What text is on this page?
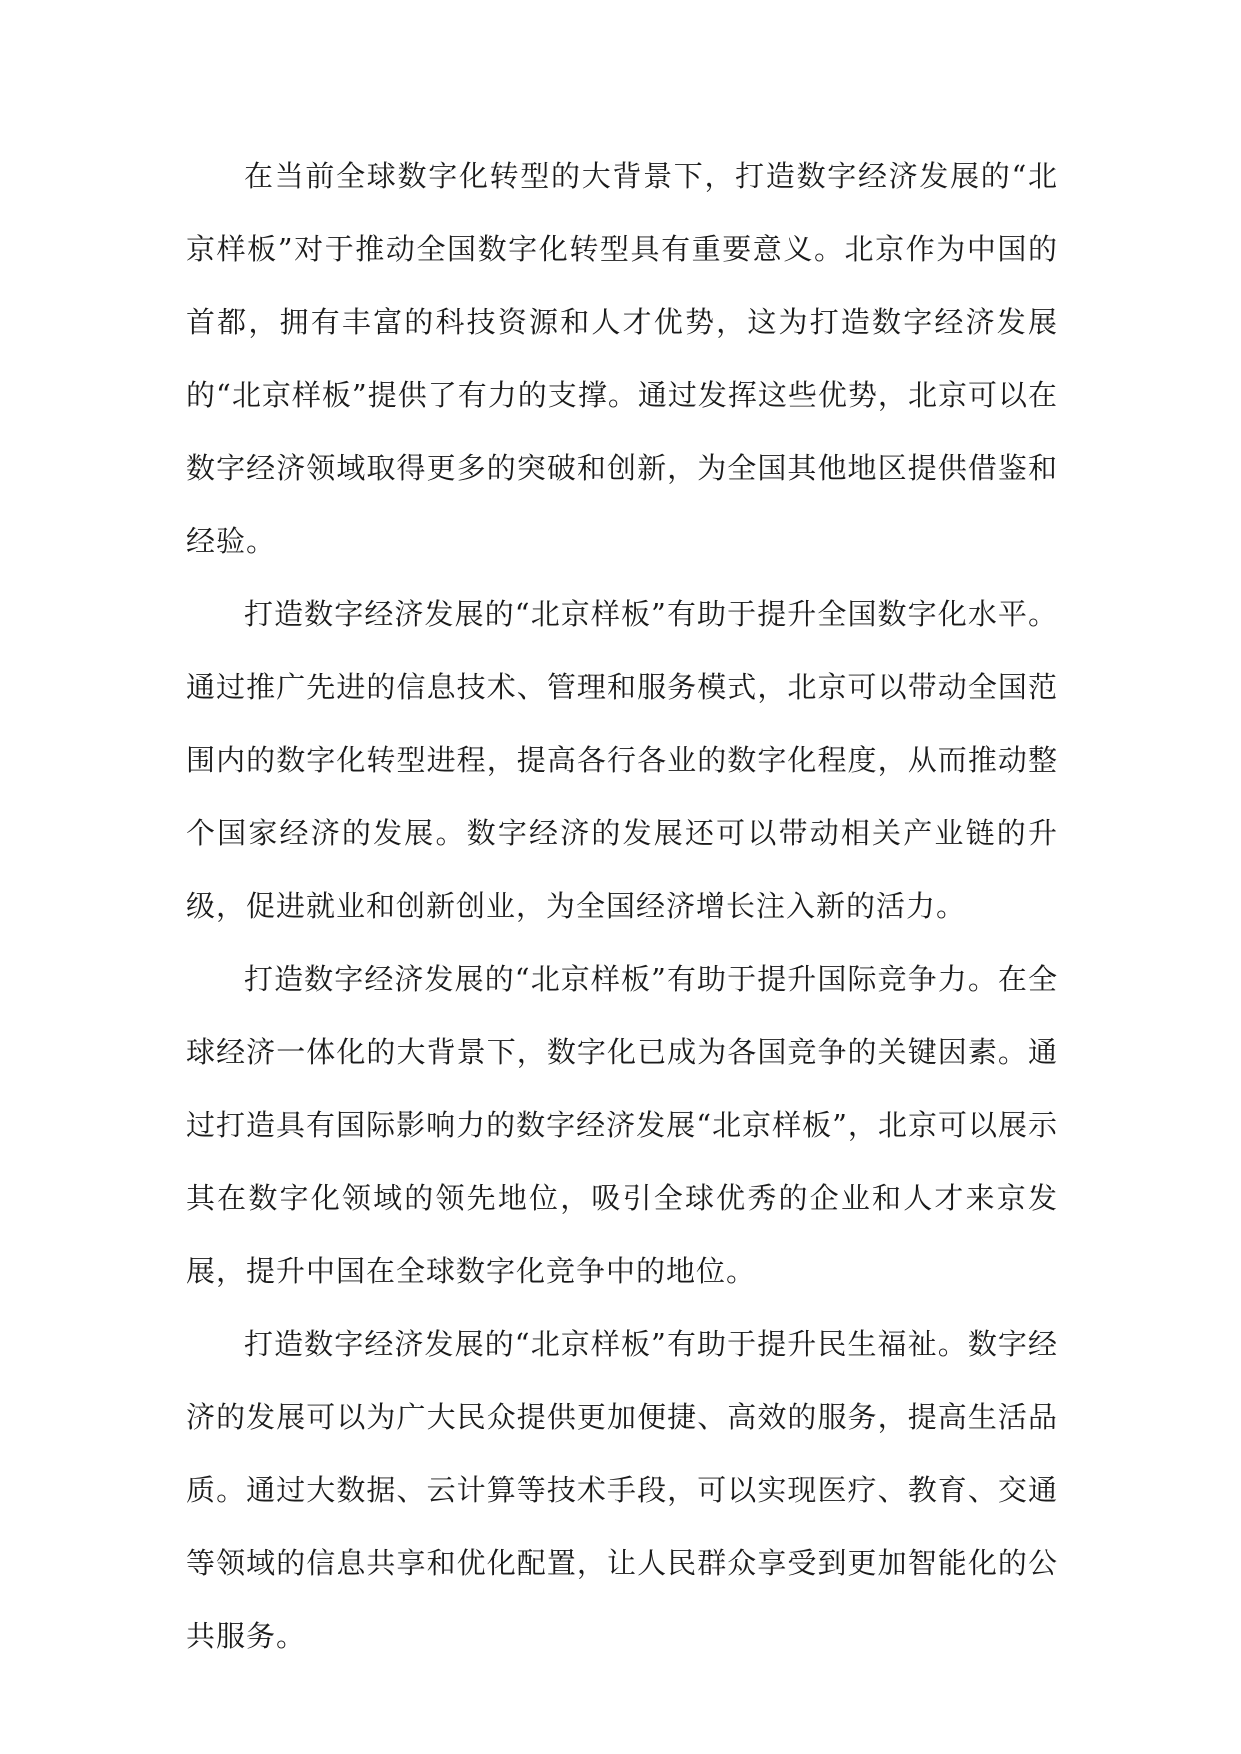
在当前全球数字化转型的大背景下，打造数字经济发展的“北京样板”对于推动全国数字化转型具有重要意义。北京作为中国的首都，拥有丰富的科技资源和人才优势，这为打造数字经济发展的“北京样板”提供了有力的支撑。通过发挥这些优势，北京可以在数字经济领域取得更多的突破和创新，为全国其他地区提供借鉴和经验。

打造数字经济发展的“北京样板”有助于提升全国数字化水平。通过推广先进的信息技术、管理和服务模式，北京可以带动全国范围内的数字化转型进程，提高各行各业的数字化程度，从而推动整个国家经济的发展。数字经济的发展还可以带动相关产业链的升级，促进就业和创新创业，为全国经济增长注入新的活力。

打造数字经济发展的“北京样板”有助于提升国际竞争力。在全球经济一体化的大背景下，数字化已成为各国竞争的关键因素。通过打造具有国际影响力的数字经济发展“北京样板”，北京可以展示其在数字化领域的领先地位，吸引全球优秀的企业和人才来京发展，提升中国在全球数字化竞争中的地位。

打造数字经济发展的“北京样板”有助于提升民生福祉。数字经济的发展可以为广大民众提供更加便捷、高效的服务，提高生活品质。通过大数据、云计算等技术手段，可以实现医疗、教育、交通等领域的信息共享和优化配置，让人民群众享受到更加智能化的公共服务。
